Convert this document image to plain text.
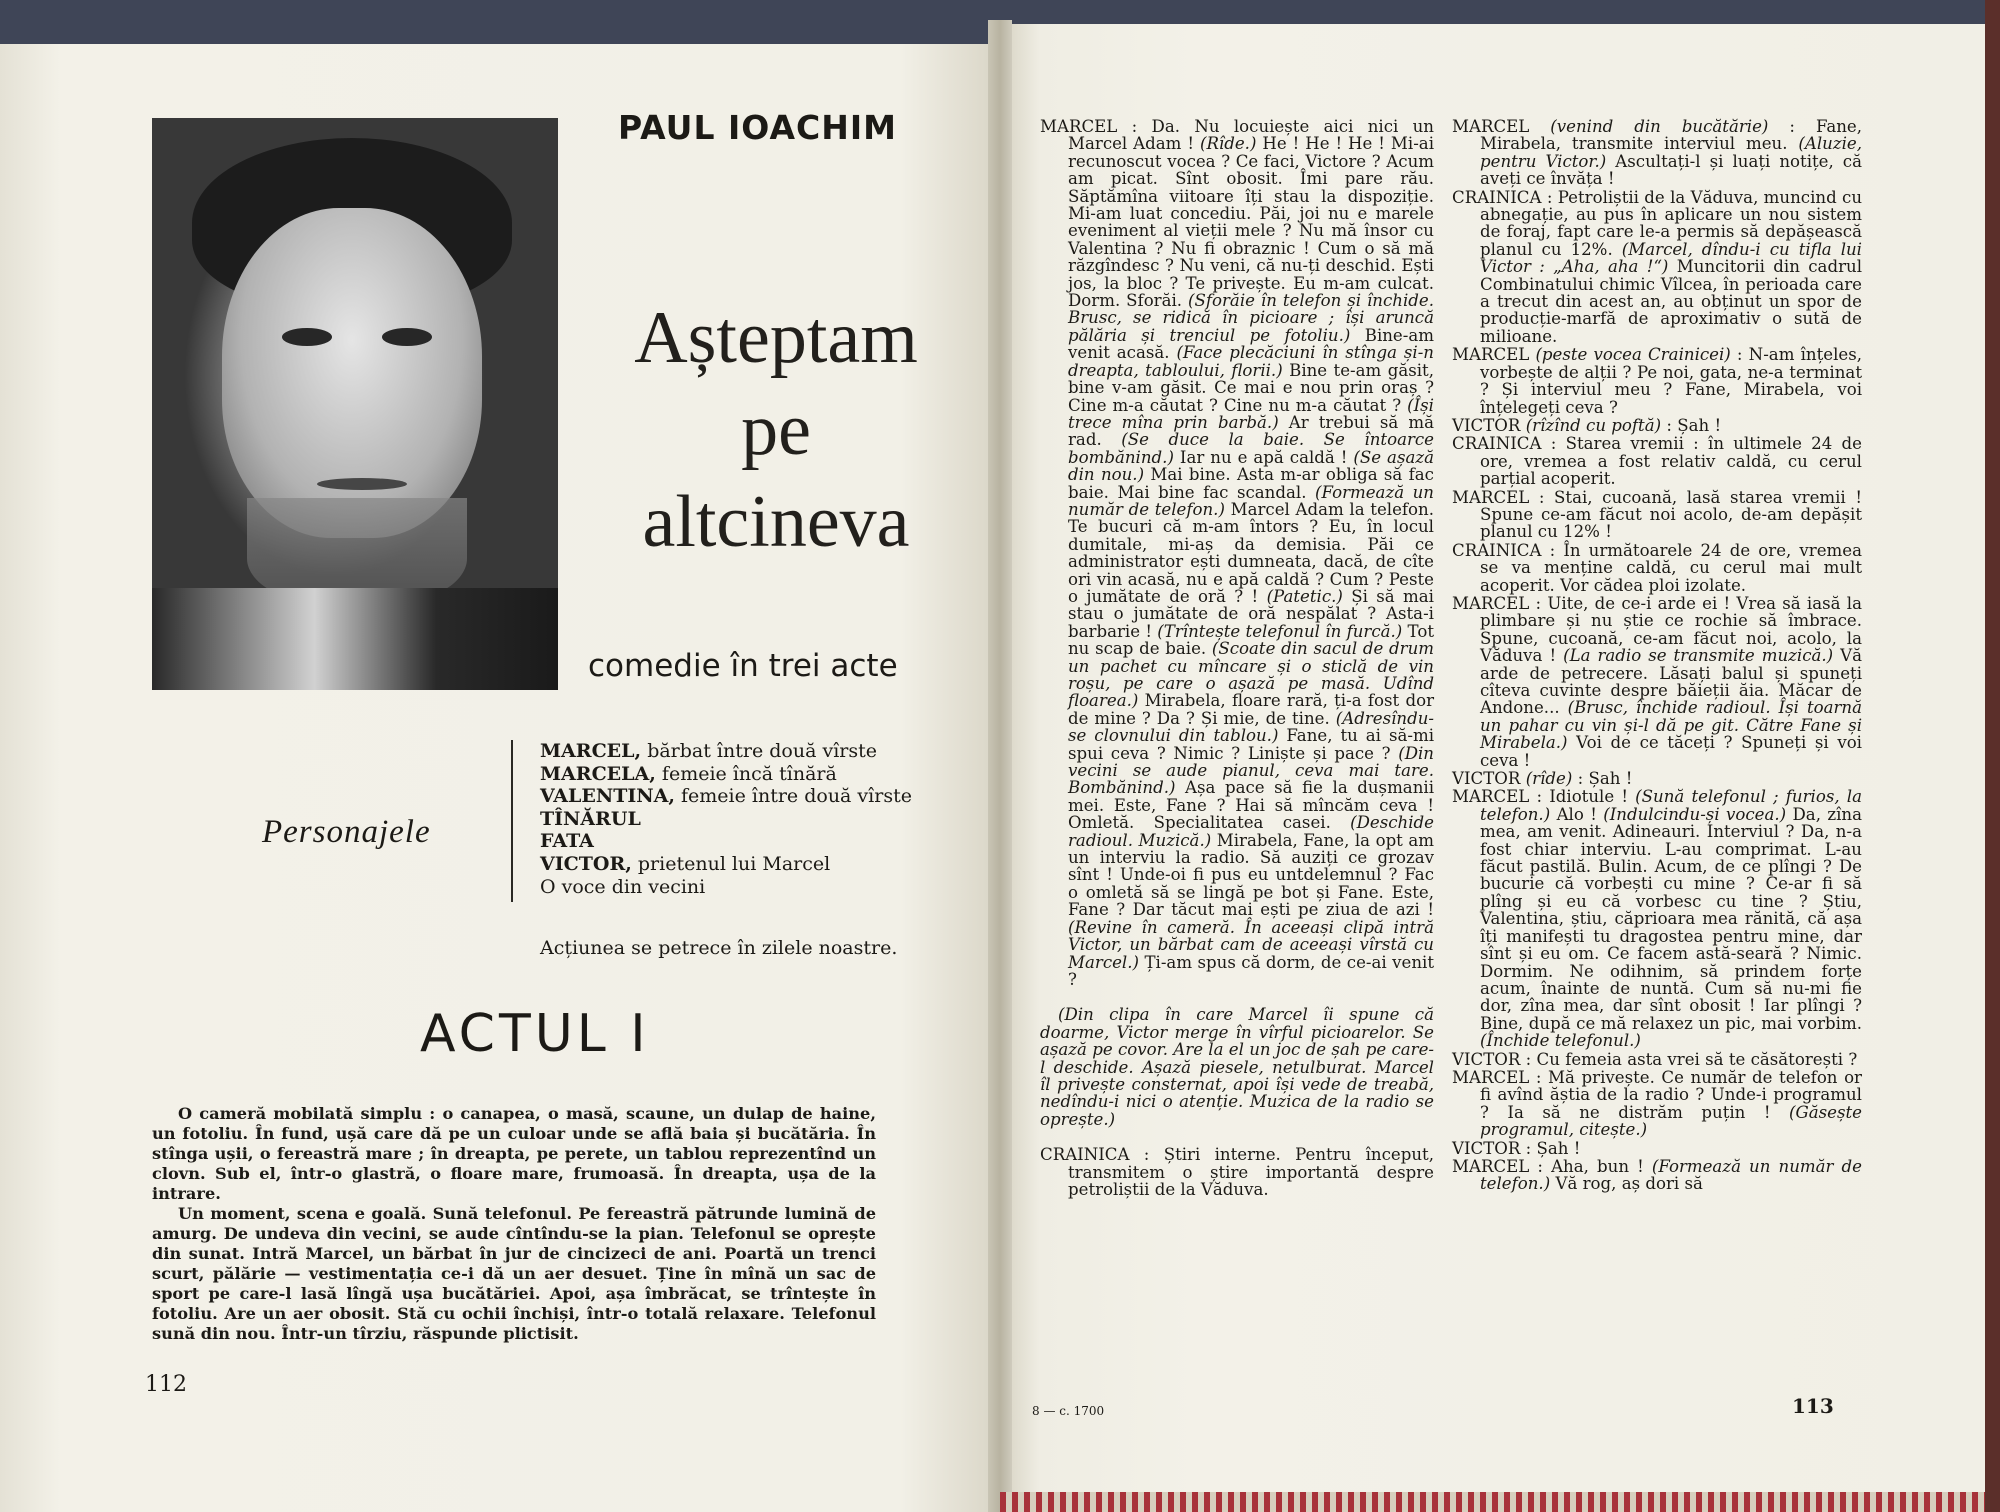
PAUL IOACHIM
Așteptam
pe
altcineva
comedie în trei acte
Personajele
MARCEL, bărbat între două vîrste
MARCELA, femeie încă tînără
VALENTINA, femeie între două vîrste
TÎNĂRUL
FATA
VICTOR, prietenul lui Marcel
O voce din vecini
Acțiunea se petrece în zilele noastre.
ACTUL I

O cameră mobilată simplu : o canapea, o masă, scaune, un dulap de haine, un fotoliu. În fund, ușă care dă pe un culoar unde se află baia și bucătăria. În stînga ușii, o fereastră mare ; în dreapta, pe perete, un tablou reprezentînd un clovn. Sub el, într-o glastră, o floare mare, frumoasă. În dreapta, ușa de la intrare.

Un moment, scena e goală. Sună telefonul. Pe fereastră pătrunde lumină de amurg. De undeva din vecini, se aude cîntîndu-se la pian. Telefonul se oprește din sunat. Intră Marcel, un bărbat în jur de cincizeci de ani. Poartă un trenci scurt, pălărie — vestimentația ce-i dă un aer desuet. Ține în mînă un sac de sport pe care-l lasă lîngă ușa bucătăriei. Apoi, așa îmbrăcat, se trîntește în fotoliu. Are un aer obosit. Stă cu ochii închiși, într-o totală relaxare. Telefonul sună din nou. Într-un tîrziu, răspunde plictisit.

112

MARCEL : Da. Nu locuiește aici nici un Marcel Adam ! (Rîde.) He ! He ! He ! Mi-ai recunoscut vocea ? Ce faci, Victore ? Acum am picat. Sînt obosit. Îmi pare rău. Săptămîna viitoare îți stau la dispoziție. Mi-am luat concediu. Păi, joi nu e marele eveniment al vieții mele ? Nu mă însor cu Valentina ? Nu fi obraznic ! Cum o să mă răzgîndesc ? Nu veni, că nu-ți deschid. Ești jos, la bloc ? Te privește. Eu m-am culcat. Dorm. Sforăi. (Sforăie în telefon și închide. Brusc, se ridică în picioare ; își aruncă pălăria și trenciul pe fotoliu.) Bine-am venit acasă. (Face plecăciuni în stînga și-n dreapta, tabloului, florii.) Bine te-am găsit, bine v-am găsit. Ce mai e nou prin oraș ? Cine m-a căutat ? Cine nu m-a căutat ? (Își trece mîna prin barbă.) Ar trebui să mă rad. (Se duce la baie. Se întoarce bombănind.) Iar nu e apă caldă ! (Se așază din nou.) Mai bine. Asta m-ar obliga să fac baie. Mai bine fac scandal. (Formează un număr de telefon.) Marcel Adam la telefon. Te bucuri că m-am întors ? Eu, în locul dumitale, mi-aș da demisia. Păi ce administrator ești dumneata, dacă, de cîte ori vin acasă, nu e apă caldă ? Cum ? Peste o jumătate de oră ? ! (Patetic.) Și să mai stau o jumătate de oră nespălat ? Asta-i barbarie ! (Trîntește telefonul în furcă.) Tot nu scap de baie. (Scoate din sacul de drum un pachet cu mîncare și o sticlă de vin roșu, pe care o așază pe masă. Udînd floarea.) Mirabela, floare rară, ți-a fost dor de mine ? Da ? Și mie, de tine. (Adresîndu-se clovnului din tablou.) Fane, tu ai să-mi spui ceva ? Nimic ? Liniște și pace ? (Din vecini se aude pianul, ceva mai tare. Bombănind.) Așa pace să fie la dușmanii mei. Este, Fane ? Hai să mîncăm ceva ! Omletă. Specialitatea casei. (Deschide radioul. Muzică.) Mirabela, Fane, la opt am un interviu la radio. Să auziți ce grozav sînt ! Unde-oi fi pus eu untdelemnul ? Fac o omletă să se lingă pe bot și Fane. Este, Fane ? Dar tăcut mai ești pe ziua de azi ! (Revine în cameră. În aceeași clipă intră Victor, un bărbat cam de aceeași vîrstă cu Marcel.) Ți-am spus că dorm, de ce-ai venit ?

(Din clipa în care Marcel îi spune că doarme, Victor merge în vîrful picioarelor. Se așază pe covor. Are la el un joc de șah pe care-l deschide. Așază piesele, netulburat. Marcel îl privește consternat, apoi își vede de treabă, nedîndu-i nici o atenție. Muzica de la radio se oprește.)

CRAINICA : Știri interne. Pentru început, transmitem o știre importantă despre petroliștii de la Văduva.

MARCEL (venind din bucătărie) : Fane, Mirabela, transmite interviul meu. (Aluzie, pentru Victor.) Ascultați-l și luați notițe, că aveți ce învăța !

CRAINICA : Petroliștii de la Văduva, muncind cu abnegație, au pus în aplicare un nou sistem de foraj, fapt care le-a permis să depășească planul cu 12%. (Marcel, dîndu-i cu tifla lui Victor : „Aha, aha !“) Muncitorii din cadrul Combinatului chimic Vîlcea, în perioada care a trecut din acest an, au obținut un spor de producție-marfă de aproximativ o sută de milioane.

MARCEL (peste vocea Crainicei) : N-am înțeles, vorbește de alții ? Pe noi, gata, ne-a terminat ? Și interviul meu ? Fane, Mirabela, voi înțelegeți ceva ?

VICTOR (rîzînd cu poftă) : Șah !

CRAINICA : Starea vremii : în ultimele 24 de ore, vremea a fost relativ caldă, cu cerul parțial acoperit.

MARCEL : Stai, cucoană, lasă starea vremii ! Spune ce-am făcut noi acolo, de-am depășit planul cu 12% !

CRAINICA : În următoarele 24 de ore, vremea se va menține caldă, cu cerul mai mult acoperit. Vor cădea ploi izolate.

MARCEL : Uite, de ce-i arde ei ! Vrea să iasă la plimbare și nu știe ce rochie să îmbrace. Spune, cucoană, ce-am făcut noi, acolo, la Văduva ! (La radio se transmite muzică.) Vă arde de petrecere. Lăsați balul și spuneți cîteva cuvinte despre băieții ăia. Măcar de Andone... (Brusc, închide radioul. Își toarnă un pahar cu vin și-l dă pe git. Către Fane și Mirabela.) Voi de ce tăceți ? Spuneți și voi ceva !

VICTOR (rîde) : Șah !

MARCEL : Idiotule ! (Sună telefonul ; furios, la telefon.) Alo ! (Indulcindu-și vocea.) Da, zîna mea, am venit. Adineauri. Interviul ? Da, n-a fost chiar interviu. L-au comprimat. L-au făcut pastilă. Bulin. Acum, de ce plîngi ? De bucurie că vorbești cu mine ? Ce-ar fi să plîng și eu că vorbesc cu tine ? Știu, Valentina, știu, căprioara mea rănită, că așa îți manifești tu dragostea pentru mine, dar sînt și eu om. Ce facem astă-seară ? Nimic. Dormim. Ne odihnim, să prindem forțe acum, înainte de nuntă. Cum să nu-mi fie dor, zîna mea, dar sînt obosit ! Iar plîngi ? Bine, după ce mă relaxez un pic, mai vorbim. (Închide telefonul.)

VICTOR : Cu femeia asta vrei să te căsătorești ?

MARCEL : Mă privește. Ce număr de telefon or fi avînd ăștia de la radio ? Unde-i programul ? Ia să ne distrăm puțin ! (Găsește programul, citește.)

VICTOR : Șah !

MARCEL : Aha, bun ! (Formează un număr de telefon.) Vă rog, aș dori să

8 — c. 1700	113
